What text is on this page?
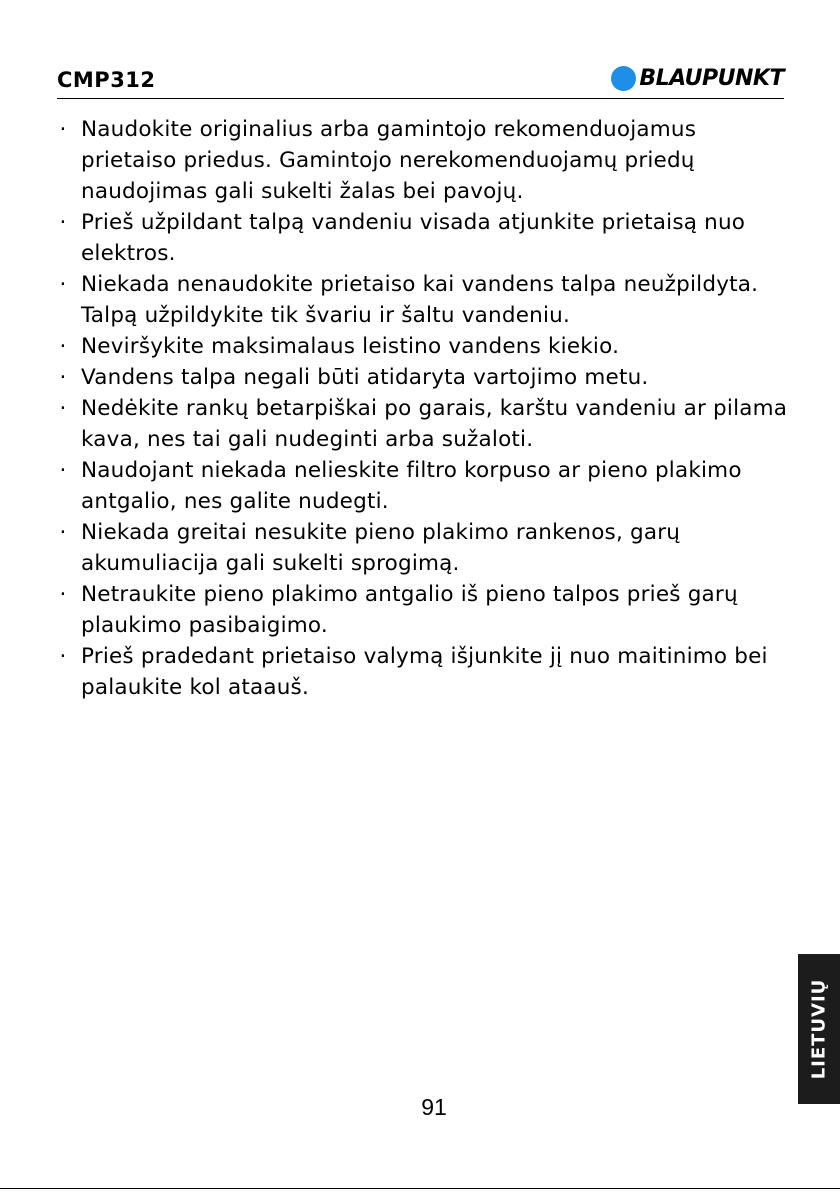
CMP312	BLAUPUNKT
· Naudokite originalius arba gamintojo rekomenduojamus prietaiso priedus. Gamintojo nerekomenduojamų priedų naudojimas gali sukelti žalas bei pavojų.
· Prieš užpildant talpą vandeniu visada atjunkite prietaisą nuo elektros.
· Niekada nenaudokite prietaiso kai vandens talpa neužpildyta. Talpą užpildykite tik švariu ir šaltu vandeniu.
· Neviršykite maksimalaus leistino vandens kiekio.
· Vandens talpa negali būti atidaryta vartojimo metu.
· Nedėkite rankų betarpiškai po garais, karštu vandeniu ar pilama kava, nes tai gali nudeginti arba sužaloti.
· Naudojant niekada nelieskite filtro korpuso ar pieno plakimo antgalio, nes galite nudegti.
· Niekada greitai nesukite pieno plakimo rankenos, garų akumuliacija gali sukelti sprogimą.
· Netraukite pieno plakimo antgalio iš pieno talpos prieš garų plaukimo pasibaigimo.
· Prieš pradedant prietaiso valymą išjunkite jį nuo maitinimo bei palaukite kol ataauš.
LIETUVIŲ
91
